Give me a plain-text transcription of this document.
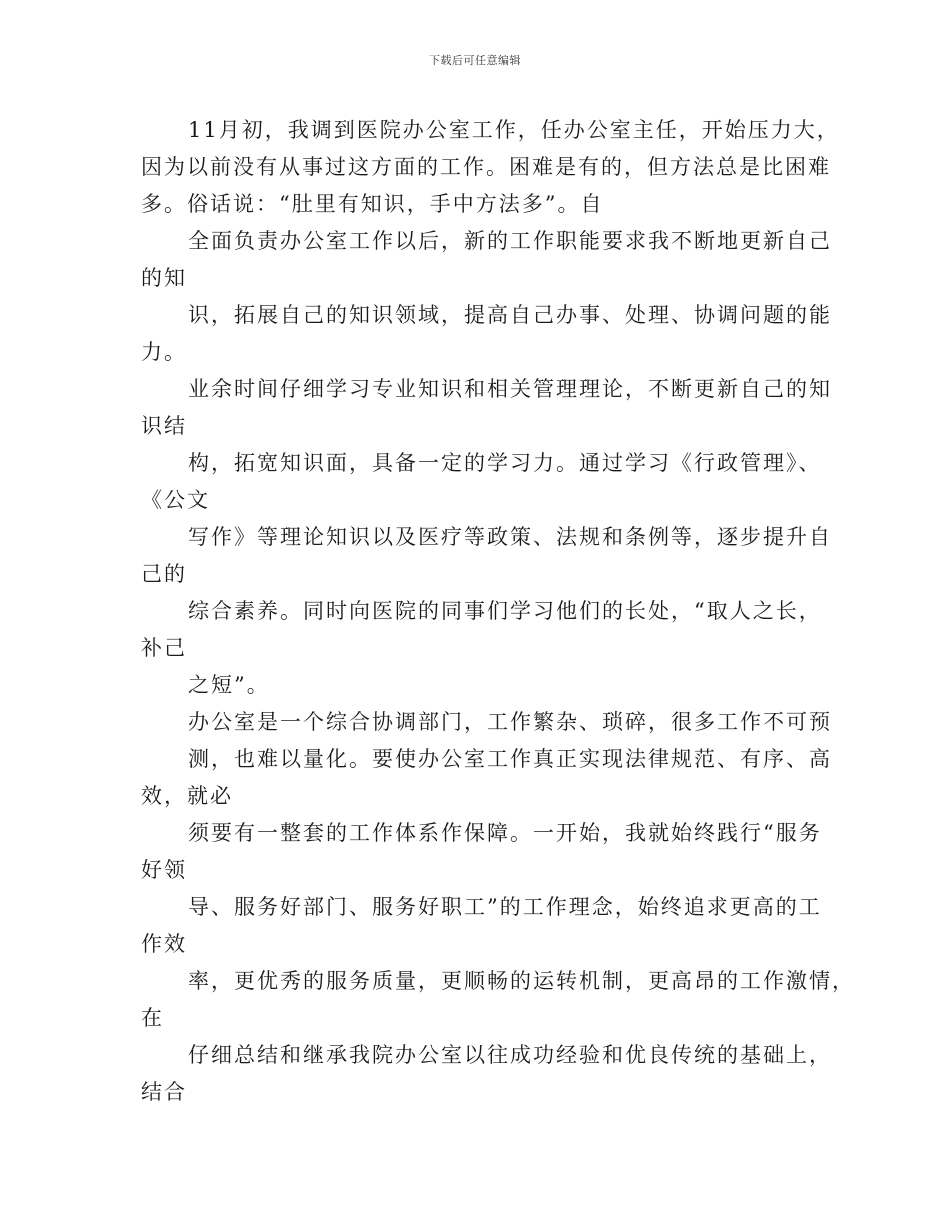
下载后可任意编辑
11月初，我调到医院办公室工作，任办公室主任，开始压力大，
因为以前没有从事过这方面的工作。困难是有的，但方法总是比困难
多。俗话说：“肚里有知识，手中方法多”。自
全面负责办公室工作以后，新的工作职能要求我不断地更新自己
的知
识，拓展自己的知识领域，提高自己办事、处理、协调问题的能
力。
业余时间仔细学习专业知识和相关管理理论，不断更新自己的知
识结
构，拓宽知识面，具备一定的学习力。通过学习《行政管理》、
《公文
写作》等理论知识以及医疗等政策、法规和条例等，逐步提升自
己的
综合素养。同时向医院的同事们学习他们的长处，“取人之长，
补己
之短”。
办公室是一个综合协调部门，工作繁杂、琐碎，很多工作不可预
测，也难以量化。要使办公室工作真正实现法律规范、有序、高
效，就必
须要有一整套的工作体系作保障。一开始，我就始终践行“服务
好领
导、服务好部门、服务好职工”的工作理念，始终追求更高的工
作效
率，更优秀的服务质量，更顺畅的运转机制，更高昂的工作激情，
在
仔细总结和继承我院办公室以往成功经验和优良传统的基础上，
结合
